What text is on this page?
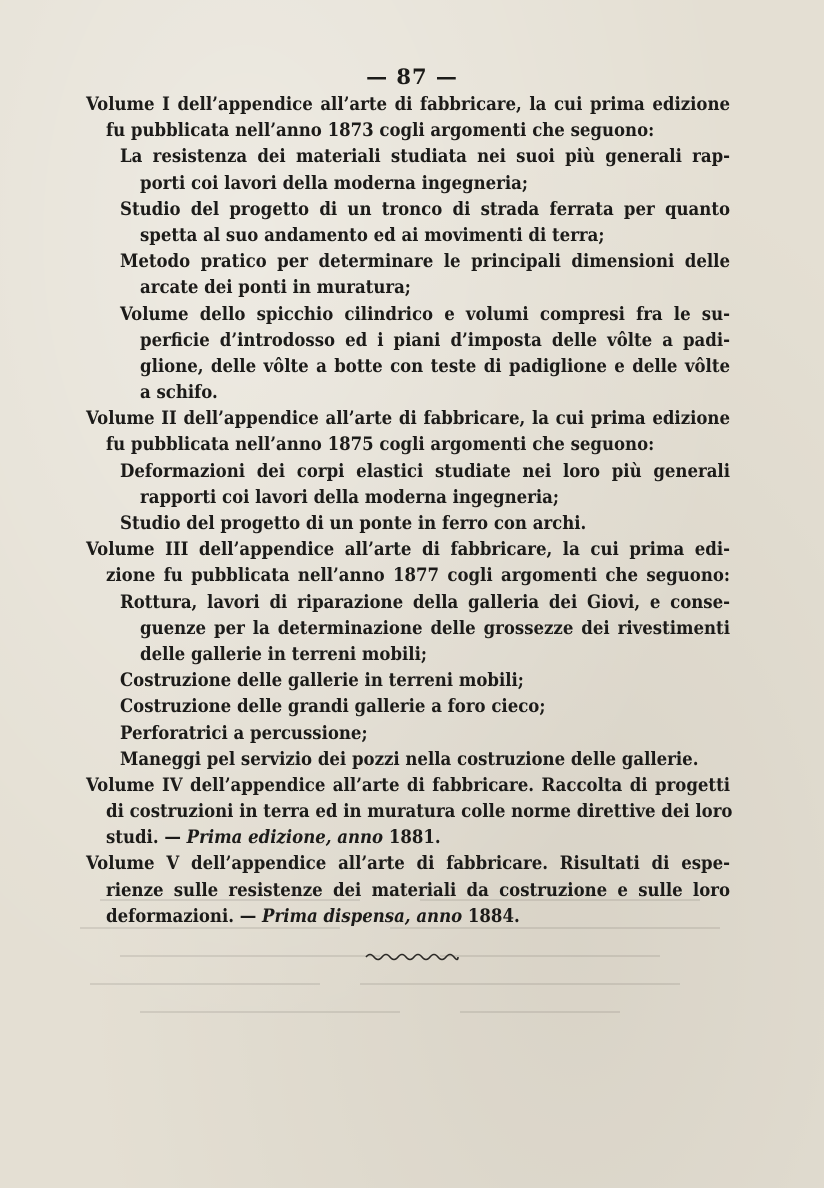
— 87 —
Volume I dell’appendice all’arte di fabbricare, la cui prima edizione
fu pubblicata nell’anno 1873 cogli argomenti che seguono:
La resistenza dei materiali studiata nei suoi più generali rap-
porti coi lavori della moderna ingegneria;
Studio del progetto di un tronco di strada ferrata per quanto
spetta al suo andamento ed ai movimenti di terra;
Metodo pratico per determinare le principali dimensioni delle
arcate dei ponti in muratura;
Volume dello spicchio cilindrico e volumi compresi fra le su-
perficie d’introdosso ed i piani d’imposta delle vôlte a padi-
glione, delle vôlte a botte con teste di padiglione e delle vôlte
a schifo.
Volume II dell’appendice all’arte di fabbricare, la cui prima edizione
fu pubblicata nell’anno 1875 cogli argomenti che seguono:
Deformazioni dei corpi elastici studiate nei loro più generali
rapporti coi lavori della moderna ingegneria;
Studio del progetto di un ponte in ferro con archi.
Volume III dell’appendice all’arte di fabbricare, la cui prima edi-
zione fu pubblicata nell’anno 1877 cogli argomenti che seguono:
Rottura, lavori di riparazione della galleria dei Giovi, e conse-
guenze per la determinazione delle grossezze dei rivestimenti
delle gallerie in terreni mobili;
Costruzione delle gallerie in terreni mobili;
Costruzione delle grandi gallerie a foro cieco;
Perforatrici a percussione;
Maneggi pel servizio dei pozzi nella costruzione delle gallerie.
Volume IV dell’appendice all’arte di fabbricare. Raccolta di progetti
di costruzioni in terra ed in muratura colle norme direttive dei loro
studi. — Prima edizione, anno 1881.
Volume V dell’appendice all’arte di fabbricare. Risultati di espe-
rienze sulle resistenze dei materiali da costruzione e sulle loro
deformazioni. — Prima dispensa, anno 1884.
